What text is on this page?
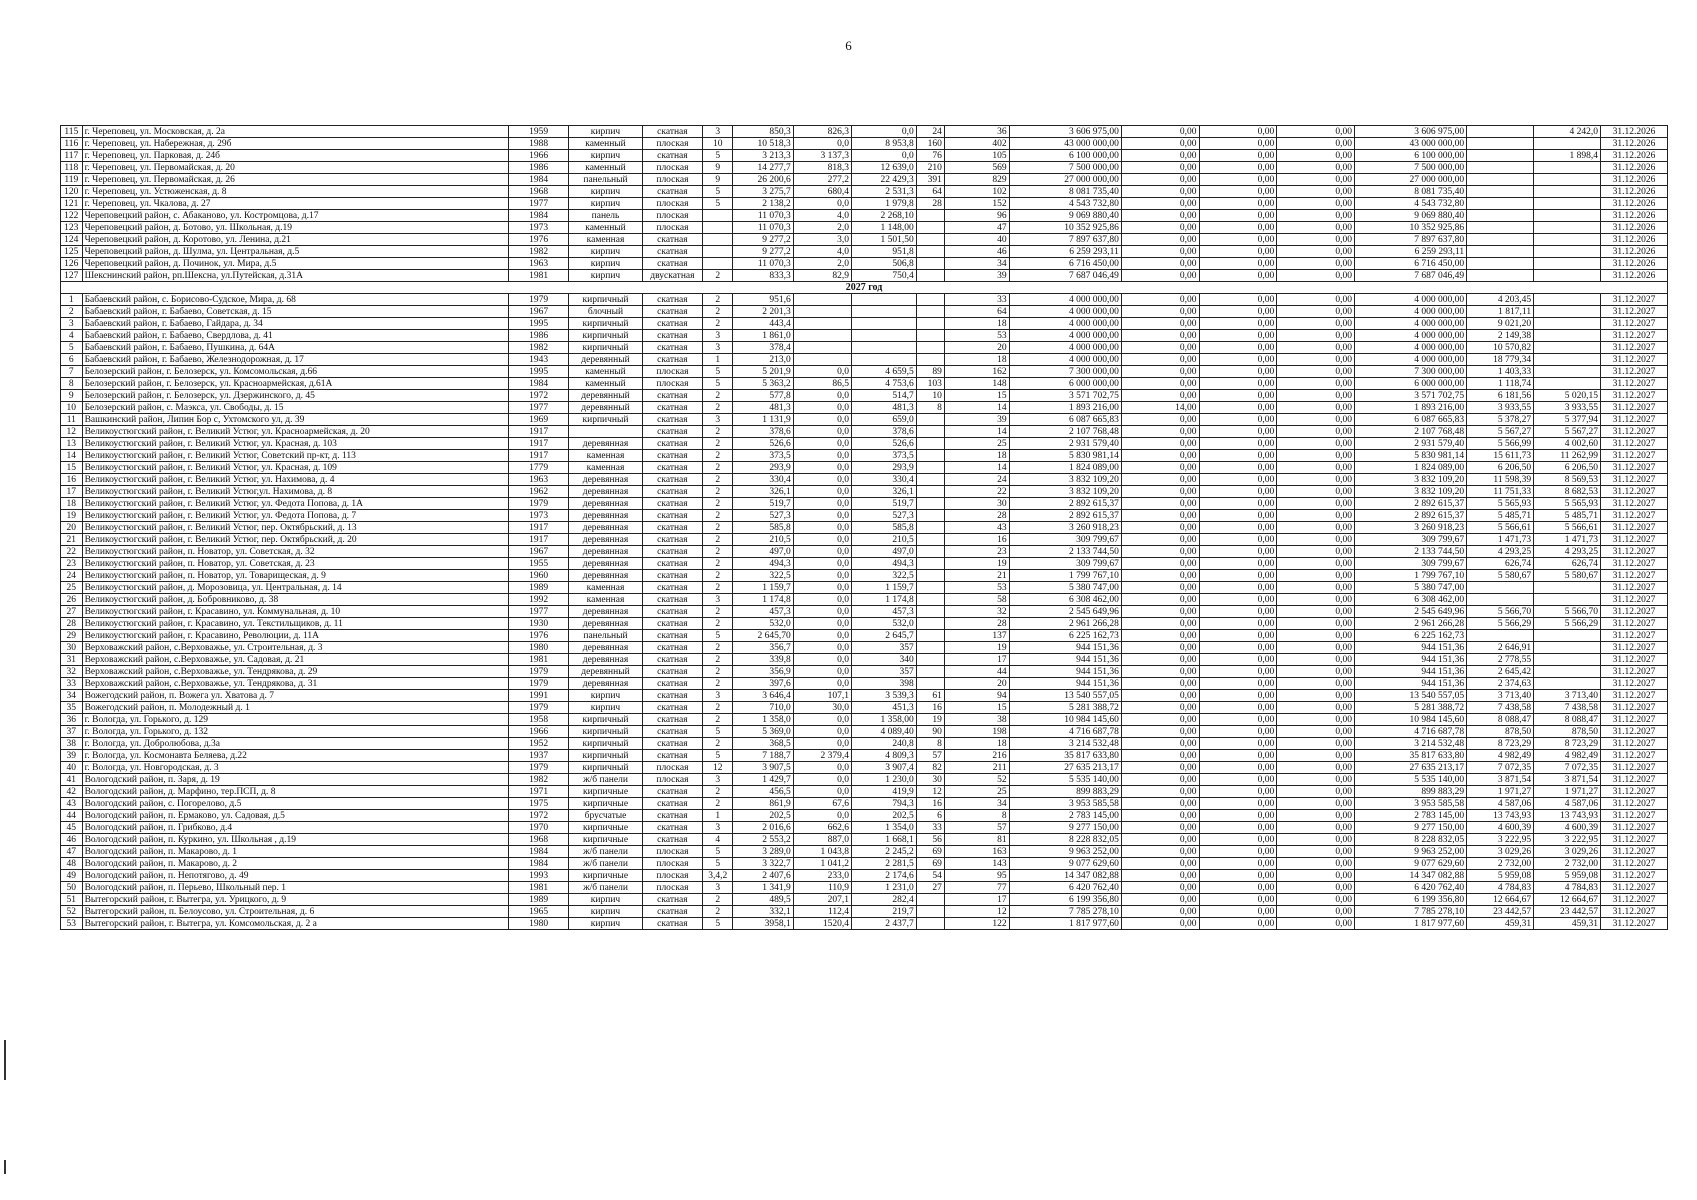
6
115	г. Череповец, ул. Московская, д. 2а	1959	кирпич	скатная	3	850,3	826,3	0,0	24	36	3 606 975,00	0,00	0,00	0,00	3 606 975,00		4 242,0	31.12.2026
116	г. Череповец, ул. Набережная, д. 29б	1988	каменный	плоская	10	10 518,3	0,0	8 953,8	160	402	43 000 000,00	0,00	0,00	0,00	43 000 000,00			31.12.2026
117	г. Череповец, ул. Парковая, д. 24б	1966	кирпич	скатная	5	3 213,3	3 137,3	0,0	76	105	6 100 000,00	0,00	0,00	0,00	6 100 000,00		1 898,4	31.12.2026
118	г. Череповец, ул. Первомайская, д. 20	1986	каменный	плоская	9	14 277,7	818,3	12 639,0	210	569	7 500 000,00	0,00	0,00	0,00	7 500 000,00			31.12.2026
119	г. Череповец, ул. Первомайская, д. 26	1984	панельный	плоская	9	26 200,6	277,2	22 429,3	391	829	27 000 000,00	0,00	0,00	0,00	27 000 000,00			31.12.2026
120	г. Череповец, ул. Устюженская, д. 8	1968	кирпич	скатная	5	3 275,7	680,4	2 531,3	64	102	8 081 735,40	0,00	0,00	0,00	8 081 735,40			31.12.2026
121	г. Череповец, ул. Чкалова, д. 27	1977	кирпич	плоская	5	2 138,2	0,0	1 979,8	28	152	4 543 732,80	0,00	0,00	0,00	4 543 732,80			31.12.2026
122	Череповецкий район, с. Абаканово, ул. Костромцова, д.17	1984	панель	плоская		11 070,3	4,0	2 268,10		96	9 069 880,40	0,00	0,00	0,00	9 069 880,40			31.12.2026
123	Череповецкий район, д. Ботово, ул. Школьная, д.19	1973	каменный	плоская		11 070,3	2,0	1 148,00		47	10 352 925,86	0,00	0,00	0,00	10 352 925,86			31.12.2026
124	Череповецкий район, д. Коротово, ул. Ленина, д.21	1976	каменная	скатная		9 277,2	3,0	1 501,50		40	7 897 637,80	0,00	0,00	0,00	7 897 637,80			31.12.2026
125	Череповецкий район, д. Шулма, ул. Центральная, д.5	1982	кирпич	скатная		9 277,2	4,0	951,8		46	6 259 293,11	0,00	0,00	0,00	6 259 293,11			31.12.2026
126	Череповецкий район, д. Починок, ул. Мира, д.5	1963	кирпич	скатная		11 070,3	2,0	506,8		34	6 716 450,00	0,00	0,00	0,00	6 716 450,00			31.12.2026
127	Шекснинский район, рп.Шексна, ул.Путейская, д.31А	1981	кирпич	двускатная	2	833,3	82,9	750,4		39	7 687 046,49	0,00	0,00	0,00	7 687 046,49			31.12.2026
2027 год																		
1	Бабаевский район, с. Борисово-Судское, Мира, д. 68	1979	кирпичный	скатная	2	951,6				33	4 000 000,00	0,00	0,00	0,00	4 000 000,00	4 203,45		31.12.2027
2	Бабаевский район, г. Бабаево, Советская, д. 15	1967	блочный	скатная	2	2 201,3				64	4 000 000,00	0,00	0,00	0,00	4 000 000,00	1 817,11		31.12.2027
3	Бабаевский район, г. Бабаево, Гайдара, д. 34	1995	кирпичный	скатная	2	443,4				18	4 000 000,00	0,00	0,00	0,00	4 000 000,00	9 021,20		31.12.2027
4	Бабаевский район, г. Бабаево, Свердлова, д. 41	1986	кирпичный	скатная	3	1 861,0				53	4 000 000,00	0,00	0,00	0,00	4 000 000,00	2 149,38		31.12.2027
5	Бабаевский район, г. Бабаево, Пушкина, д. 64А	1982	кирпичный	скатная	3	378,4				20	4 000 000,00	0,00	0,00	0,00	4 000 000,00	10 570,82		31.12.2027
6	Бабаевский район, г. Бабаево, Железнодорожная, д. 17	1943	деревянный	скатная	1	213,0				18	4 000 000,00	0,00	0,00	0,00	4 000 000,00	18 779,34		31.12.2027
7	Белозерский район, г. Белозерск, ул. Комсомольская, д.66	1995	каменный	плоская	5	5 201,9	0,0	4 659,5	89	162	7 300 000,00	0,00	0,00	0,00	7 300 000,00	1 403,33		31.12.2027
8	Белозерский район, г. Белозерск, ул. Красноармейская, д.61А	1984	каменный	плоская	5	5 363,2	86,5	4 753,6	103	148	6 000 000,00	0,00	0,00	0,00	6 000 000,00	1 118,74		31.12.2027
9	Белозерский район, г. Белозерск, ул. Дзержинского, д. 45	1972	деревянный	скатная	2	577,8	0,0	514,7	10	15	3 571 702,75	0,00	0,00	0,00	3 571 702,75	6 181,56	5 020,15	31.12.2027
10	Белозерский район, с. Маэкса, ул. Свободы, д. 15	1977	деревянный	скатная	2	481,3	0,0	481,3	8	14	1 893 216,00	14,00	0,00	0,00	1 893 216,00	3 933,55	3 933,55	31.12.2027
11	Вашкинский район, Липин Бор с, Ухтомского ул, д. 39	1969	кирпичный	скатная	3	1 131,9	0,0	659,0		39	6 087 665,83	0,00	0,00	0,00	6 087 665,83	5 378,27	5 377,94	31.12.2027
12	Великоустюгский район, г. Великий Устюг, ул. Красноармейская, д. 20	1917		скатная	2	378,6	0,0	378,6		14	2 107 768,48	0,00	0,00	0,00	2 107 768,48	5 567,27	5 567,27	31.12.2027
13	Великоустюгский район, г. Великий Устюг, ул. Красная, д. 103	1917	деревянная	скатная	2	526,6	0,0	526,6		25	2 931 579,40	0,00	0,00	0,00	2 931 579,40	5 566,99	4 002,60	31.12.2027
14	Великоустюгский район, г. Великий Устюг, Советский пр-кт, д. 113	1917	каменная	скатная	2	373,5	0,0	373,5		18	5 830 981,14	0,00	0,00	0,00	5 830 981,14	15 611,73	11 262,99	31.12.2027
15	Великоустюгский район, г. Великий Устюг, ул. Красная, д. 109	1779	каменная	скатная	2	293,9	0,0	293,9		14	1 824 089,00	0,00	0,00	0,00	1 824 089,00	6 206,50	6 206,50	31.12.2027
16	Великоустюгский район, г. Великий Устюг, ул. Нахимова, д. 4	1963	деревянная	скатная	2	330,4	0,0	330,4		24	3 832 109,20	0,00	0,00	0,00	3 832 109,20	11 598,39	8 569,53	31.12.2027
17	Великоустюгский район, г. Великий Устюг,ул. Нахимова, д. 8	1962	деревянная	скатная	2	326,1	0,0	326,1		22	3 832 109,20	0,00	0,00	0,00	3 832 109,20	11 751,33	8 682,53	31.12.2027
18	Великоустюгский район, г. Великий Устюг, ул. Федота Попова, д. 1А	1979	деревянная	скатная	2	519,7	0,0	519,7		30	2 892 615,37	0,00	0,00	0,00	2 892 615,37	5 565,93	5 565,93	31.12.2027
19	Великоустюгский район, г. Великий Устюг, ул. Федота Попова, д. 7	1973	деревянная	скатная	2	527,3	0,0	527,3		28	2 892 615,37	0,00	0,00	0,00	2 892 615,37	5 485,71	5 485,71	31.12.2027
20	Великоустюгский район, г. Великий Устюг, пер. Октябрьский, д. 13	1917	деревянная	скатная	2	585,8	0,0	585,8		43	3 260 918,23	0,00	0,00	0,00	3 260 918,23	5 566,61	5 566,61	31.12.2027
21	Великоустюгский район, г. Великий Устюг, пер. Октябрьский, д. 20	1917	деревянная	скатная	2	210,5	0,0	210,5		16	309 799,67	0,00	0,00	0,00	309 799,67	1 471,73	1 471,73	31.12.2027
22	Великоустюгский район, п. Новатор, ул. Советская, д. 32	1967	деревянная	скатная	2	497,0	0,0	497,0		23	2 133 744,50	0,00	0,00	0,00	2 133 744,50	4 293,25	4 293,25	31.12.2027
23	Великоустюгский район, п. Новатор, ул. Советская, д. 23	1955	деревянная	скатная	2	494,3	0,0	494,3		19	309 799,67	0,00	0,00	0,00	309 799,67	626,74	626,74	31.12.2027
24	Великоустюгский район, п. Новатор, ул. Товарищеская, д. 9	1960	деревянная	скатная	2	322,5	0,0	322,5		21	1 799 767,10	0,00	0,00	0,00	1 799 767,10	5 580,67	5 580,67	31.12.2027
25	Великоустюгский район, д. Морозовица, ул. Центральная, д. 14	1989	каменная	скатная	2	1 159,7	0,0	1 159,7		53	5 380 747,00	0,00	0,00	0,00	5 380 747,00			31.12.2027
26	Великоустюгский район, д. Бобровниково, д. 38	1992	каменная	скатная	3	1 174,8	0,0	1 174,8		58	6 308 462,00	0,00	0,00	0,00	6 308 462,00			31.12.2027
27	Великоустюгский район, г. Красавино, ул. Коммунальная, д. 10	1977	деревянная	скатная	2	457,3	0,0	457,3		32	2 545 649,96	0,00	0,00	0,00	2 545 649,96	5 566,70	5 566,70	31.12.2027
28	Великоустюгский район, г. Красавино, ул. Текстильщиков, д. 11	1930	деревянная	скатная	2	532,0	0,0	532,0		28	2 961 266,28	0,00	0,00	0,00	2 961 266,28	5 566,29	5 566,29	31.12.2027
29	Великоустюгский район, г. Красавино, Революции, д. 11А	1976	панельный	скатная	5	2 645,70	0,0	2 645,7		137	6 225 162,73	0,00	0,00	0,00	6 225 162,73			31.12.2027
30	Верховажский район, с.Верховажье, ул. Строительная, д. 3	1980	деревянная	скатная	2	356,7	0,0	357		19	944 151,36	0,00	0,00	0,00	944 151,36	2 646,91		31.12.2027
31	Верховажский район, с.Верховажье, ул. Садовая, д. 21	1981	деревянная	скатная	2	339,8	0,0	340		17	944 151,36	0,00	0,00	0,00	944 151,36	2 778,55		31.12.2027
32	Верховажский район, с.Верховажье, ул. Тендрякова, д. 29	1979	деревянный	скатная	2	356,9	0,0	357		44	944 151,36	0,00	0,00	0,00	944 151,36	2 645,42		31.12.2027
33	Верховажский район, с.Верховажье, ул. Тендрякова, д. 31	1979	деревянная	скатная	2	397,6	0,0	398		20	944 151,36	0,00	0,00	0,00	944 151,36	2 374,63		31.12.2027
34	Вожегодский район, п. Вожега ул. Хватова д. 7	1991	кирпич	скатная	3	3 646,4	107,1	3 539,3	61	94	13 540 557,05	0,00	0,00	0,00	13 540 557,05	3 713,40	3 713,40	31.12.2027
35	Вожегодский район, п. Молодежный д. 1	1979	кирпич	скатная	2	710,0	30,0	451,3	16	15	5 281 388,72	0,00	0,00	0,00	5 281 388,72	7 438,58	7 438,58	31.12.2027
36	г. Вологда, ул. Горького, д. 129	1958	кирпичный	скатная	2	1 358,0	0,0	1 358,00	19	38	10 984 145,60	0,00	0,00	0,00	10 984 145,60	8 088,47	8 088,47	31.12.2027
37	г. Вологда, ул. Горького, д. 132	1966	кирпичный	скатная	5	5 369,0	0,0	4 089,40	90	198	4 716 687,78	0,00	0,00	0,00	4 716 687,78	878,50	878,50	31.12.2027
38	г. Вологда, ул. Добролюбова, д.3а	1952	кирпичный	скатная	2	368,5	0,0	240,8	8	18	3 214 532,48	0,00	0,00	0,00	3 214 532,48	8 723,29	8 723,29	31.12.2027
39	г. Вологда, ул. Космонавта Беляева, д.22	1937	кирпичный	скатная	5	7 188,7	2 379,4	4 809,3	57	216	35 817 633,80	0,00	0,00	0,00	35 817 633,80	4 982,49	4 982,49	31.12.2027
40	г. Вологда, ул. Новгородская, д. 3	1979	кирпичный	плоская	12	3 907,5	0,0	3 907,4	82	211	27 635 213,17	0,00	0,00	0,00	27 635 213,17	7 072,35	7 072,35	31.12.2027
41	Вологодский район, п. Заря, д. 19	1982	ж/б панели	плоская	3	1 429,7	0,0	1 230,0	30	52	5 535 140,00	0,00	0,00	0,00	5 535 140,00	3 871,54	3 871,54	31.12.2027
42	Вологодский район, д. Марфино, тер.ПСП, д. 8	1971	кирпичные	скатная	2	456,5	0,0	419,9	12	25	899 883,29	0,00	0,00	0,00	899 883,29	1 971,27	1 971,27	31.12.2027
43	Вологодский район, с. Погорелово, д.5	1975	кирпичные	скатная	2	861,9	67,6	794,3	16	34	3 953 585,58	0,00	0,00	0,00	3 953 585,58	4 587,06	4 587,06	31.12.2027
44	Вологодский район, п. Ермаково, ул. Садовая, д.5	1972	брусчатые	скатная	1	202,5	0,0	202,5	6	8	2 783 145,00	0,00	0,00	0,00	2 783 145,00	13 743,93	13 743,93	31.12.2027
45	Вологодский район, п. Грибково, д.4	1970	кирпичные	скатная	3	2 016,6	662,6	1 354,0	33	57	9 277 150,00	0,00	0,00	0,00	9 277 150,00	4 600,39	4 600,39	31.12.2027
46	Вологодский район, п. Куркино, ул. Школьная , д.19	1968	кирпичные	скатная	4	2 553,2	887,0	1 668,1	56	81	8 228 832,05	0,00	0,00	0,00	8 228 832,05	3 222,95	3 222,95	31.12.2027
47	Вологодский район, п. Макарово, д. 1	1984	ж/б панели	плоская	5	3 289,0	1 043,8	2 245,2	69	163	9 963 252,00	0,00	0,00	0,00	9 963 252,00	3 029,26	3 029,26	31.12.2027
48	Вологодский район, п. Макарово, д. 2	1984	ж/б панели	плоская	5	3 322,7	1 041,2	2 281,5	69	143	9 077 629,60	0,00	0,00	0,00	9 077 629,60	2 732,00	2 732,00	31.12.2027
49	Вологодский район, п. Непотягово, д. 49	1993	кирпичные	плоская	3,4,2	2 407,6	233,0	2 174,6	54	95	14 347 082,88	0,00	0,00	0,00	14 347 082,88	5 959,08	5 959,08	31.12.2027
50	Вологодский район, п. Перьево, Школьный пер. 1	1981	ж/б панели	плоская	3	1 341,9	110,9	1 231,0	27	77	6 420 762,40	0,00	0,00	0,00	6 420 762,40	4 784,83	4 784,83	31.12.2027
51	Вытегорский район, г. Вытегра, ул. Урицкого, д. 9	1989	кирпич	скатная	2	489,5	207,1	282,4		17	6 199 356,80	0,00	0,00	0,00	6 199 356,80	12 664,67	12 664,67	31.12.2027
52	Вытегорский район, п. Белоусово, ул. Строительная, д. 6	1965	кирпич	скатная	2	332,1	112,4	219,7		12	7 785 278,10	0,00	0,00	0,00	7 785 278,10	23 442,57	23 442,57	31.12.2027
53	Вытегорский район, г. Вытегра, ул. Комсомольская, д. 2 а	1980	кирпич	скатная	5	3958,1	1520,4	2 437,7		122	1 817 977,60	0,00	0,00	0,00	1 817 977,60	459,31	459,31	31.12.2027
